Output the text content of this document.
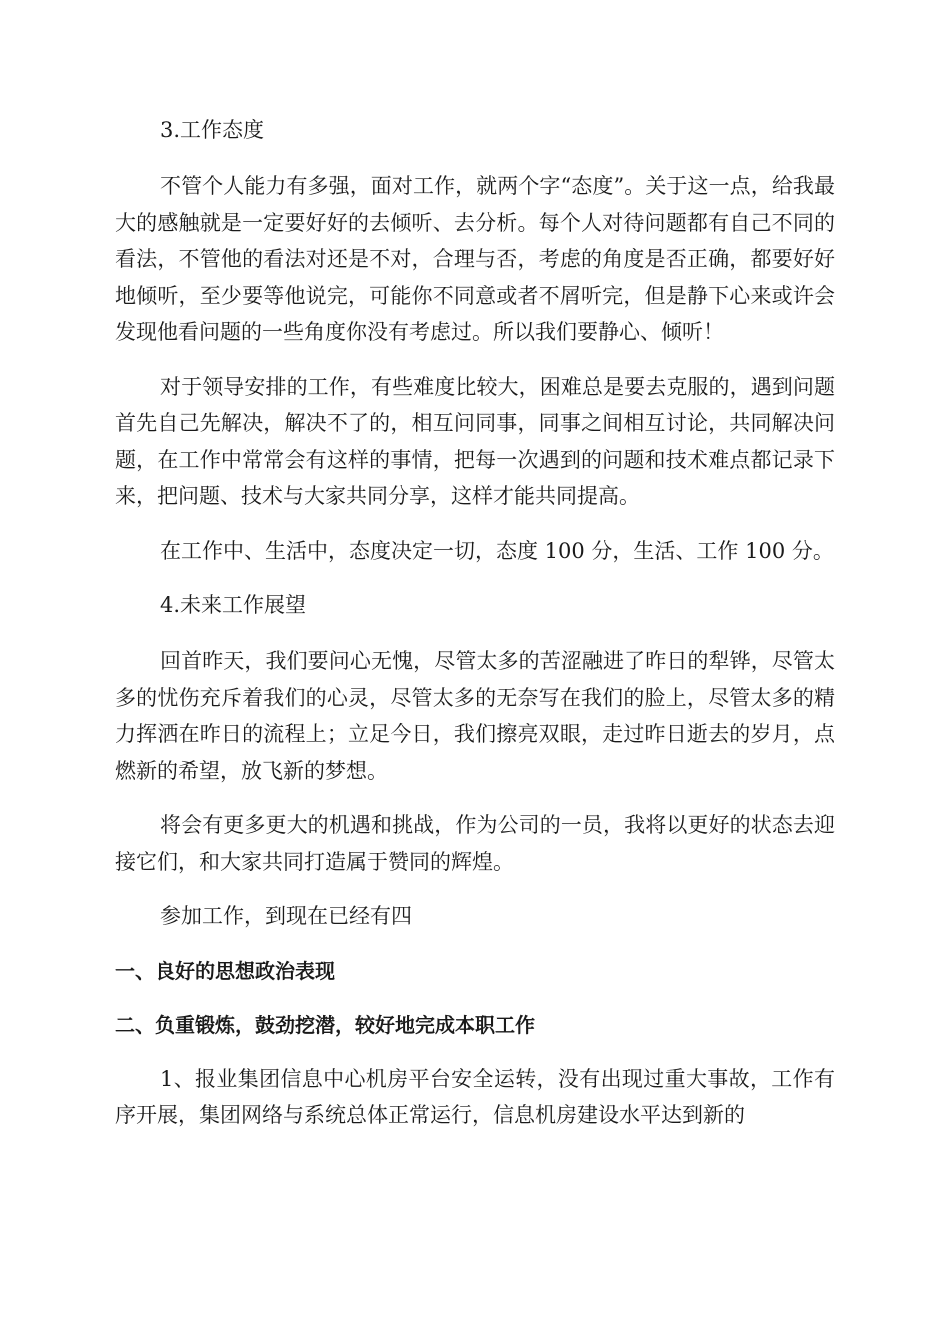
3.工作态度

不管个人能力有多强，面对工作，就两个字“态度”。关于这一点，给我最大的感触就是一定要好好的去倾听、去分析。每个人对待问题都有自己不同的看法，不管他的看法对还是不对，合理与否，考虑的角度是否正确，都要好好地倾听，至少要等他说完，可能你不同意或者不屑听完，但是静下心来或许会发现他看问题的一些角度你没有考虑过。所以我们要静心、倾听！

对于领导安排的工作，有些难度比较大，困难总是要去克服的，遇到问题首先自己先解决，解决不了的，相互问同事，同事之间相互讨论，共同解决问题，在工作中常常会有这样的事情，把每一次遇到的问题和技术难点都记录下来，把问题、技术与大家共同分享，这样才能共同提高。

在工作中、生活中，态度决定一切，态度 100 分，生活、工作 100 分。

4.未来工作展望

回首昨天，我们要问心无愧，尽管太多的苦涩融进了昨日的犁铧，尽管太多的忧伤充斥着我们的心灵，尽管太多的无奈写在我们的脸上，尽管太多的精力挥洒在昨日的流程上；立足今日，我们擦亮双眼，走过昨日逝去的岁月，点燃新的希望，放飞新的梦想。

将会有更多更大的机遇和挑战，作为公司的一员，我将以更好的状态去迎接它们，和大家共同打造属于赞同的辉煌。

参加工作，到现在已经有四

一、良好的思想政治表现

二、负重锻炼，鼓劲挖潜，较好地完成本职工作

1、报业集团信息中心机房平台安全运转，没有出现过重大事故，工作有序开展，集团网络与系统总体正常运行，信息机房建设水平达到新的
